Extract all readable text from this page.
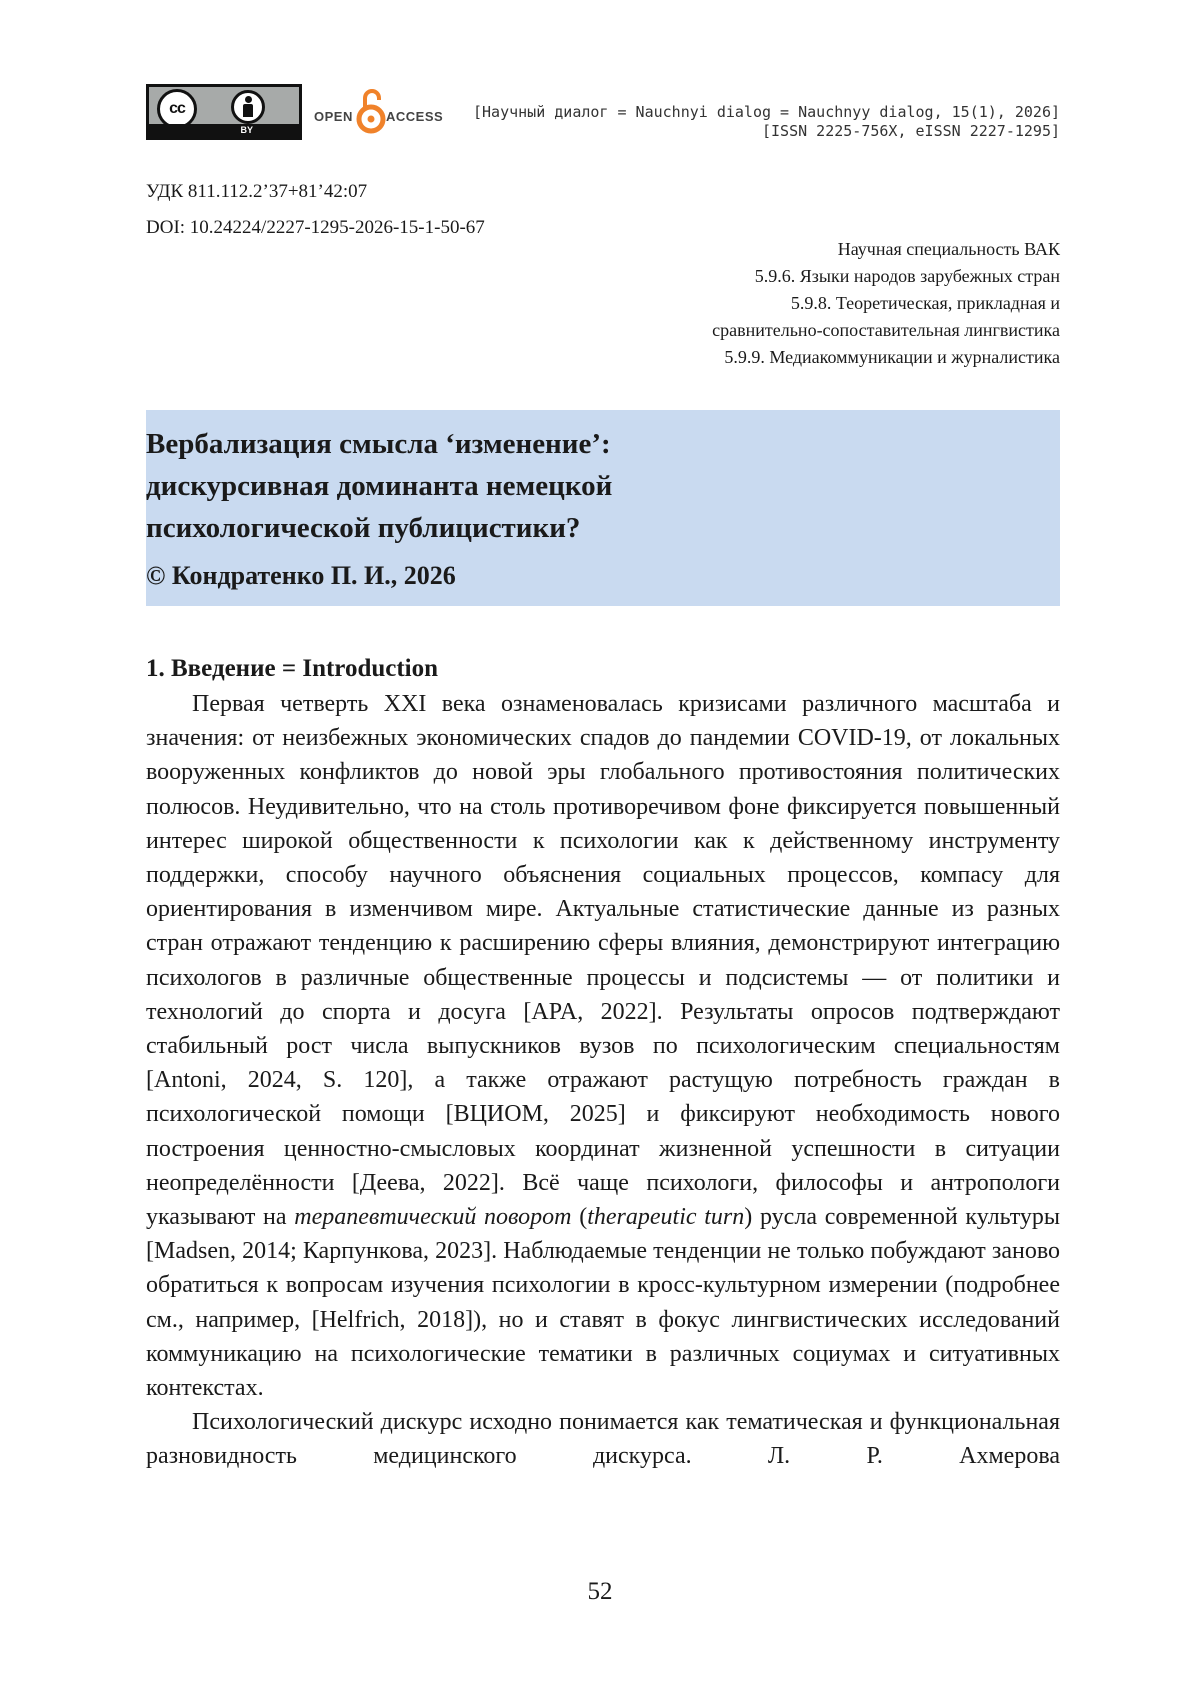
cc
BY
OPEN	ACCESS [Научный диалог = Nauchnyi dialog = Nauchnyy dialog, 15(1), 2026]
[ISSN 2225-756X, eISSN 2227-1295]
УДК 811.112.2’37+81’42:07
DOI: 10.24224/2227-1295-2026-15-1-50-67
Научная специальность ВАК
5.9.6. Языки народов зарубежных стран
5.9.8. Теоретическая, прикладная и
сравнительно-сопоставительная лингвистика
5.9.9. Медиакоммуникации и журналистика
Вербализация смысла ‘изменение’: дискурсивная доминанта немецкой психологической публицистики?
© Кондратенко П. И., 2026
1. Введение = Introduction

Первая четверть XXI века ознаменовалась кризисами различного масштаба и значения: от неизбежных экономических спадов до пандемии COVID-19, от локальных вооруженных конфликтов до новой эры глобального противостояния политических полюсов. Неудивительно, что на столь противоречивом фоне фиксируется повышенный интерес широкой общественности к психологии как к действенному инструменту поддержки, способу научного объяснения социальных процессов, компасу для ориентирования в изменчивом мире. Актуальные статистические данные из разных стран отражают тенденцию к расширению сферы влияния, демонстрируют интеграцию психологов в различные общественные процессы и подсистемы — от политики и технологий до спорта и досуга [APA, 2022]. Результаты опросов подтверждают стабильный рост числа выпускников вузов по психологическим специальностям [Antoni, 2024, S. 120], а также отражают растущую потребность граждан в психологической помощи [ВЦИОМ, 2025] и фиксируют необходимость нового построения ценностно-смысловых координат жизненной успешности в ситуации неопределённости [Деева, 2022]. Всё чаще психологи, философы и антропологи указывают на терапевтический поворот (therapeutic turn) русла современной культуры [Madsen, 2014; Карпункова, 2023]. Наблюдаемые тенденции не только побуждают заново обратиться к вопросам изучения психологии в кросс-культурном измерении (подробнее см., например, [Helfrich, 2018]), но и ставят в фокус лингвистических исследований коммуникацию на психологические тематики в различных социумах и ситуативных контекстах.

Психологический дискурс исходно понимается как тематическая и функциональная разновидность медицинского дискурса. Л. Р. Ахмерова

52
